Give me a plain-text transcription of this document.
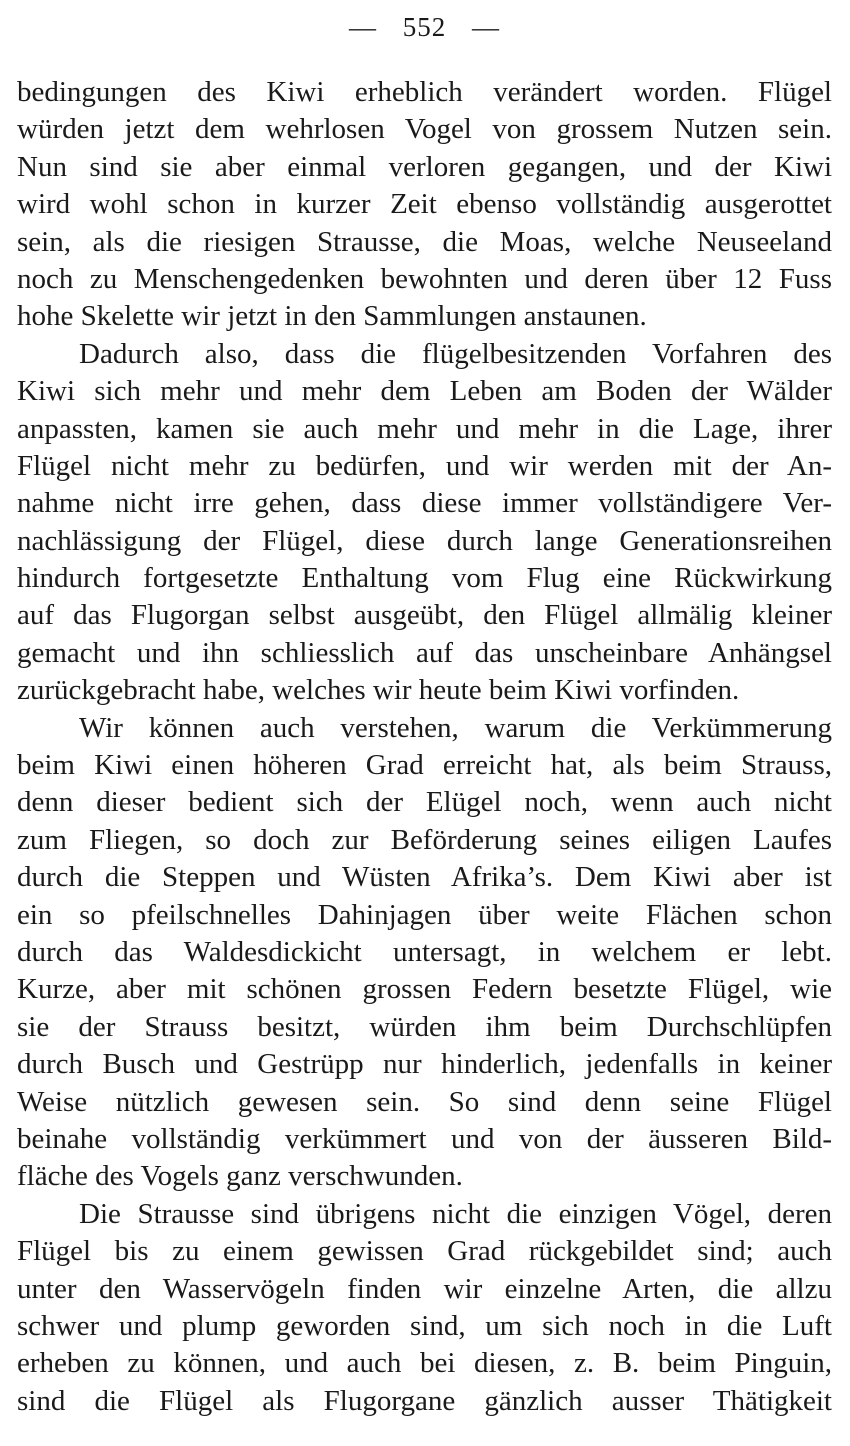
— 552 —
bedingungen des Kiwi erheblich verändert worden. Flügel
würden jetzt dem wehrlosen Vogel von grossem Nutzen sein.
Nun sind sie aber einmal verloren gegangen, und der Kiwi
wird wohl schon in kurzer Zeit ebenso vollständig ausgerottet
sein, als die riesigen Strausse, die Moas, welche Neuseeland
noch zu Menschengedenken bewohnten und deren über 12 Fuss
hohe Skelette wir jetzt in den Sammlungen anstaunen.
Dadurch also, dass die flügelbesitzenden Vorfahren des
Kiwi sich mehr und mehr dem Leben am Boden der Wälder
anpassten, kamen sie auch mehr und mehr in die Lage, ihrer
Flügel nicht mehr zu bedürfen, und wir werden mit der An-
nahme nicht irre gehen, dass diese immer vollständigere Ver-
nachlässigung der Flügel, diese durch lange Generationsreihen
hindurch fortgesetzte Enthaltung vom Flug eine Rückwirkung
auf das Flugorgan selbst ausgeübt, den Flügel allmälig kleiner
gemacht und ihn schliesslich auf das unscheinbare Anhängsel
zurückgebracht habe, welches wir heute beim Kiwi vorfinden.
Wir können auch verstehen, warum die Verkümmerung
beim Kiwi einen höheren Grad erreicht hat, als beim Strauss,
denn dieser bedient sich der Elügel noch, wenn auch nicht
zum Fliegen, so doch zur Beförderung seines eiligen Laufes
durch die Steppen und Wüsten Afrika’s. Dem Kiwi aber ist
ein so pfeilschnelles Dahinjagen über weite Flächen schon
durch das Waldesdickicht untersagt, in welchem er lebt.
Kurze, aber mit schönen grossen Federn besetzte Flügel, wie
sie der Strauss besitzt, würden ihm beim Durchschlüpfen
durch Busch und Gestrüpp nur hinderlich, jedenfalls in keiner
Weise nützlich gewesen sein. So sind denn seine Flügel
beinahe vollständig verkümmert und von der äusseren Bild-
fläche des Vogels ganz verschwunden.
Die Strausse sind übrigens nicht die einzigen Vögel, deren
Flügel bis zu einem gewissen Grad rückgebildet sind; auch
unter den Wasservögeln finden wir einzelne Arten, die allzu
schwer und plump geworden sind, um sich noch in die Luft
erheben zu können, und auch bei diesen, z. B. beim Pinguin,
sind die Flügel als Flugorgane gänzlich ausser Thätigkeit
